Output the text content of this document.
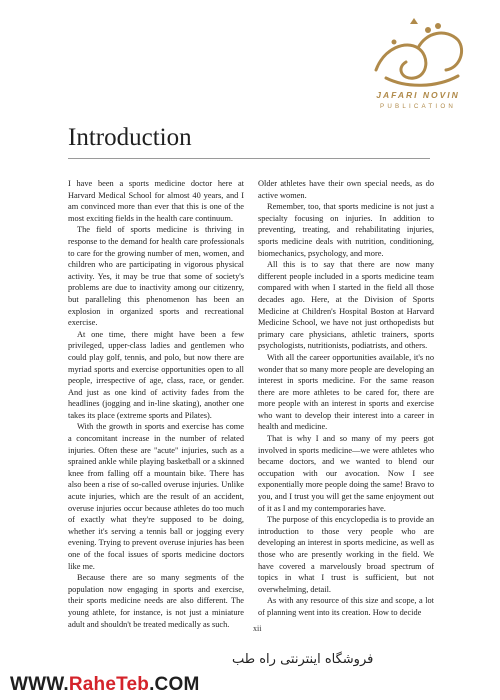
JAFARI NOVIN
PUBLICATION
Introduction

I have been a sports medicine doctor here at Harvard Medical School for almost 40 years, and I am convinced more than ever that this is one of the most exciting fields in the health care continuum.

The field of sports medicine is thriving in response to the demand for health care professionals to care for the growing number of men, women, and children who are participating in vigorous physical activity. Yes, it may be true that some of society's problems are due to inactivity among our citizenry, but paralleling this phenomenon has been an explosion in organized sports and recreational exercise.

At one time, there might have been a few privileged, upper-class ladies and gentlemen who could play golf, tennis, and polo, but now there are myriad sports and exercise opportunities open to all people, irrespective of age, class, race, or gender. And just as one kind of activity fades from the headlines (jogging and in-line skating), another one takes its place (extreme sports and Pilates).

With the growth in sports and exercise has come a concomitant increase in the number of related injuries. Often these are "acute" injuries, such as a sprained ankle while playing basketball or a skinned knee from falling off a mountain bike. There has also been a rise of so-called overuse injuries. Unlike acute injuries, which are the result of an accident, overuse injuries occur because athletes do too much of exactly what they're supposed to be doing, whether it's serving a tennis ball or jogging every evening. Trying to prevent overuse injuries has been one of the focal issues of sports medicine doctors like me.

Because there are so many segments of the population now engaging in sports and exercise, their sports medicine needs are also different. The young athlete, for instance, is not just a miniature adult and shouldn't be treated medically as such.

Older athletes have their own special needs, as do active women.

Remember, too, that sports medicine is not just a specialty focusing on injuries. In addition to preventing, treating, and rehabilitating injuries, sports medicine deals with nutrition, conditioning, biomechanics, psychology, and more.

All this is to say that there are now many different people included in a sports medicine team compared with when I started in the field all those decades ago. Here, at the Division of Sports Medicine at Children's Hospital Boston at Harvard Medicine School, we have not just orthopedists but primary care physicians, athletic trainers, sports psychologists, nutritionists, podiatrists, and others.

With all the career opportunities available, it's no wonder that so many more people are developing an interest in sports medicine. For the same reason there are more athletes to be cared for, there are more people with an interest in sports and exercise who want to develop their interest into a career in health and medicine.

That is why I and so many of my peers got involved in sports medicine—we were athletes who became doctors, and we wanted to blend our occupation with our avocation. Now I see exponentially more people doing the same! Bravo to you, and I trust you will get the same enjoyment out of it as I and my contemporaries have.

The purpose of this encyclopedia is to provide an introduction to those very people who are developing an interest in sports medicine, as well as those who are presently working in the field. We have covered a marvelously broad spectrum of topics in what I trust is sufficient, but not overwhelming, detail.

As with any resource of this size and scope, a lot of planning went into its creation. How to decide

xii
فروشگاه اینترنتی راه طب
WWW.RaheTeb.COM
